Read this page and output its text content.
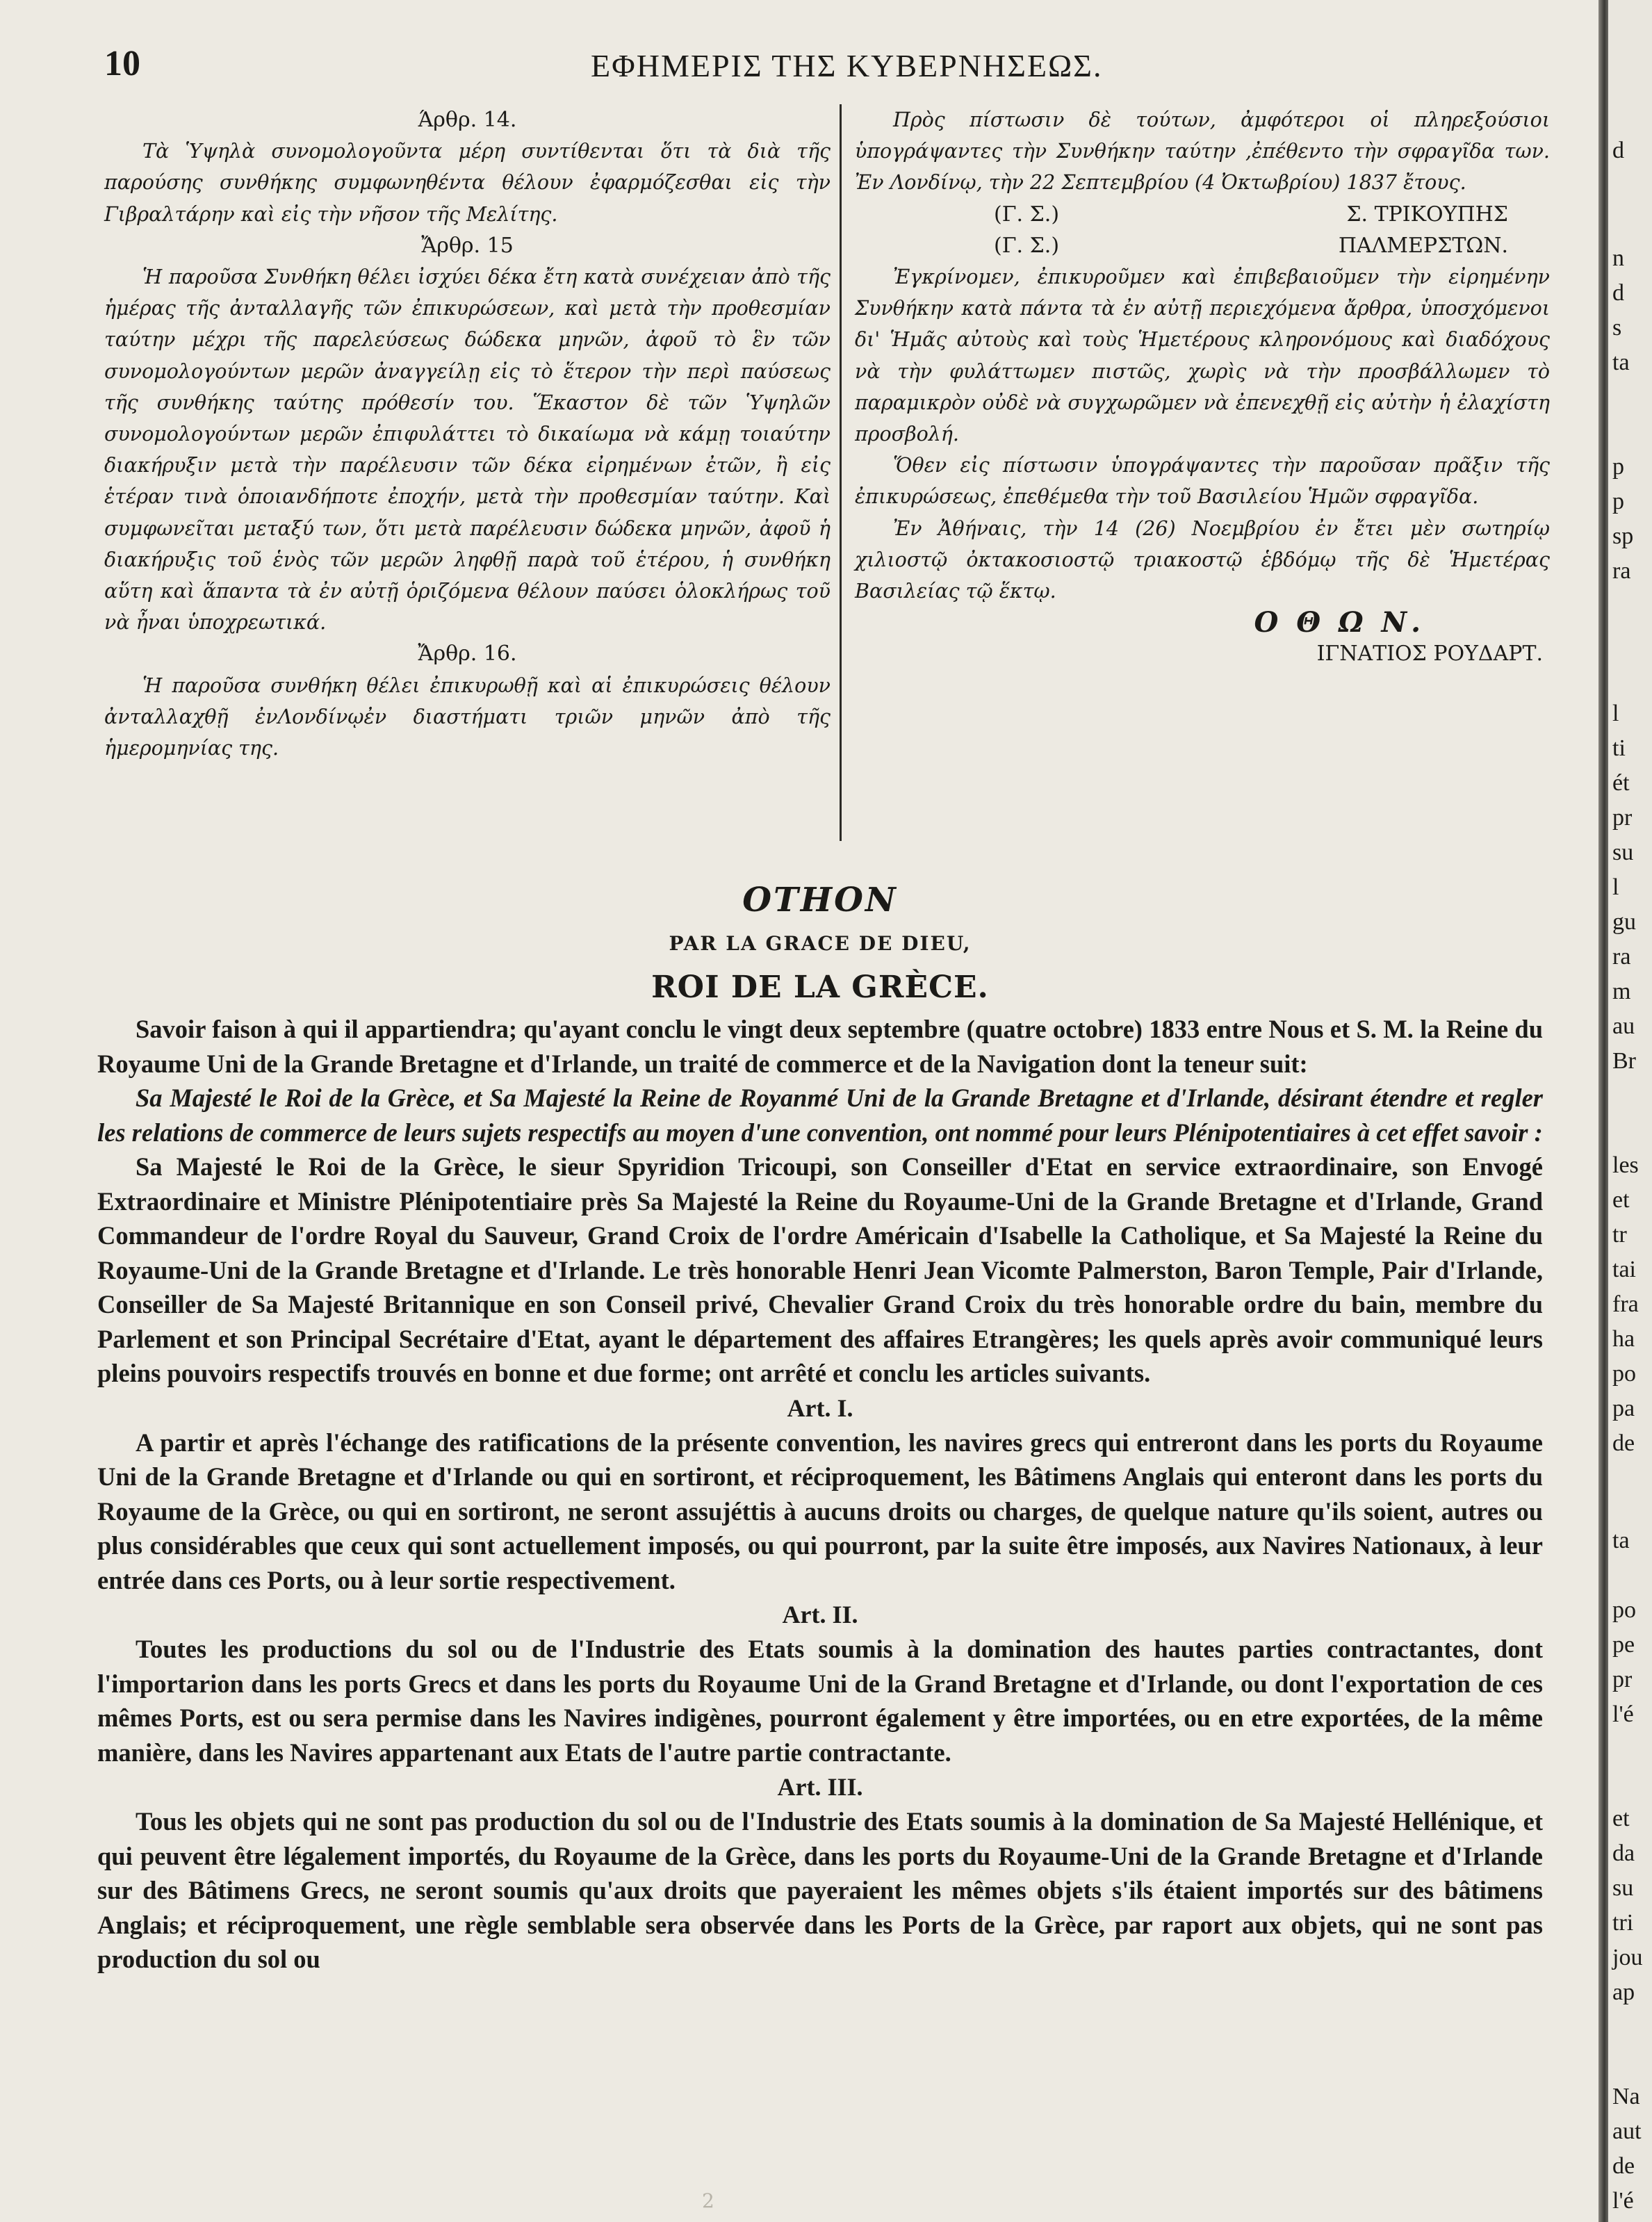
10	ΕΦΗΜΕΡΙΣ ΤΗΣ ΚΥΒΕΡΝΗΣΕΩΣ.
Άρθρ. 14.

Τὰ Ὑψηλὰ συνομολογοῦντα μέρη συντίθενται ὅτι τὰ διὰ τῆς παρούσης συνθήκης συμφωνηθέντα θέλουν ἐφαρμόζεσθαι εἰς τὴν Γιβραλτάρην καὶ εἰς τὴν νῆσον τῆς Μελίτης.

Ἄρθρ. 15

Ἡ παροῦσα Συνθήκη θέλει ἰσχύει δέκα ἔτη κατὰ συνέχειαν ἀπὸ τῆς ἡμέρας τῆς ἀνταλλαγῆς τῶν ἐπικυρώσεων, καὶ μετὰ τὴν προθεσμίαν ταύτην μέχρι τῆς παρελεύσεως δώδεκα μηνῶν, ἀφοῦ τὸ ἓν τῶν συνομολογούντων μερῶν ἀναγγείλῃ εἰς τὸ ἕτερον τὴν περὶ παύσεως τῆς συνθήκης ταύτης πρόθεσίν του. Ἕκαστον δὲ τῶν Ὑψηλῶν συνομολογούντων μερῶν ἐπιφυλάττει τὸ δικαίωμα νὰ κάμῃ τοιαύτην διακήρυξιν μετὰ τὴν παρέλευσιν τῶν δέκα εἰρημένων ἐτῶν, ἢ εἰς ἑτέραν τινὰ ὁποιανδήποτε ἐποχήν, μετὰ τὴν προθεσμίαν ταύτην. Καὶ συμφωνεῖται μεταξύ των, ὅτι μετὰ παρέλευσιν δώδεκα μηνῶν, ἀφοῦ ἡ διακήρυξις τοῦ ἑνὸς τῶν μερῶν ληφθῇ παρὰ τοῦ ἑτέρου, ἡ συνθήκη αὕτη καὶ ἅπαντα τὰ ἐν αὐτῇ ὁριζόμενα θέλουν παύσει ὁλοκλήρως τοῦ νὰ ἦναι ὑποχρεωτικά.

Ἄρθρ. 16.

Ἡ παροῦσα συνθήκη θέλει ἐπικυρωθῇ καὶ αἱ ἐπικυρώσεις θέλουν ἀνταλλαχθῇ ἐνΛονδίνῳἐν διαστήματι τριῶν μηνῶν ἀπὸ τῆς ἡμερομηνίας της.

Πρὸς πίστωσιν δὲ τούτων, ἀμφότεροι οἱ πληρεξούσιοι ὑπογράψαντες τὴν Συνθήκην ταύτην ,ἐπέθεντο τὴν σφραγῖδα των. Ἐν Λονδίνῳ, τὴν 22 Σεπτεμβρίου (4 Ὀκτωβρίου) 1837 ἔτους.

(Γ. Σ.)	Σ. ΤΡΙΚΟΥΠΗΣ
(Γ. Σ.)	ΠΑΛΜΕΡΣΤΩΝ.

Ἐγκρίνομεν, ἐπικυροῦμεν καὶ ἐπιβεβαιοῦμεν τὴν εἰρημένην Συνθήκην κατὰ πάντα τὰ ἐν αὐτῇ περιεχόμενα ἄρθρα, ὑποσχόμενοι δι' Ἡμᾶς αὐτοὺς καὶ τοὺς Ἡμετέρους κληρονόμους καὶ διαδόχους νὰ τὴν φυλάττωμεν πιστῶς, χωρὶς νὰ τὴν προσβάλλωμεν τὸ παραμικρὸν οὐδὲ νὰ συγχωρῶμεν νὰ ἐπενεχθῇ εἰς αὐτὴν ἡ ἐλαχίστη προσβολή.

Ὅθεν εἰς πίστωσιν ὑπογράψαντες τὴν παροῦσαν πρᾶξιν τῆς ἐπικυρώσεως, ἐπεθέμεθα τὴν τοῦ Βασιλείου Ἡμῶν σφραγῖδα.

Ἐν Ἀθήναις, τὴν 14 (26) Νοεμβρίου ἐν ἔτει μὲν σωτηρίῳ χιλιοστῷ ὀκτακοσιοστῷ τριακοστῷ ἑβδόμῳ τῆς δὲ Ἡμετέρας Βασιλείας τῷ ἕκτῳ.

Ο Θ Ω Ν.
ΙΓΝΑΤΙΟΣ ΡΟΥΔΑΡΤ.

OTHON

PAR LA GRACE DE DIEU,

ROI DE LA GRÈCE.

Savoir faison à qui il appartiendra; qu'ayant conclu le vingt deux septembre (quatre octobre) 1833 entre Nous et S. M. la Reine du Royaume Uni de la Grande Bretagne et d'Irlande, un traité de commerce et de la Navigation dont la teneur suit:

Sa Majesté le Roi de la Grèce, et Sa Majesté la Reine de Royanmé Uni de la Grande Bretagne et d'Irlande, désirant étendre et regler les relations de commerce de leurs sujets respectifs au moyen d'une convention, ont nommé pour leurs Plénipotentiaires à cet effet savoir :

Sa Majesté le Roi de la Grèce, le sieur Spyridion Tricoupi, son Conseiller d'Etat en service extraordinaire, son Envogé Extraordinaire et Ministre Plénipotentiaire près Sa Majesté la Reine du Royaume-Uni de la Grande Bretagne et d'Irlande, Grand Commandeur de l'ordre Royal du Sauveur, Grand Croix de l'ordre Américain d'Isabelle la Catholique, et Sa Majesté la Reine du Royaume-Uni de la Grande Bretagne et d'Irlande. Le très honorable Henri Jean Vicomte Palmerston, Baron Temple, Pair d'Irlande, Conseiller de Sa Majesté Britannique en son Conseil privé, Chevalier Grand Croix du très honorable ordre du bain, membre du Parlement et son Principal Secrétaire d'Etat, ayant le département des affaires Etrangères; les quels après avoir communiqué leurs pleins pouvoirs respectifs trouvés en bonne et due forme; ont arrêté et conclu les articles suivants.

Art. I.

A partir et après l'échange des ratifications de la présente convention, les navires grecs qui entreront dans les ports du Royaume Uni de la Grande Bretagne et d'Irlande ou qui en sortiront, et réciproquement, les Bâtimens Anglais qui enteront dans les ports du Royaume de la Grèce, ou qui en sortiront, ne seront assujéttis à aucuns droits ou charges, de quelque nature qu'ils soient, autres ou plus considérables que ceux qui sont actuellement imposés, ou qui pourront, par la suite être imposés, aux Navires Nationaux, à leur entrée dans ces Ports, ou à leur sortie respectivement.

Art. II.

Toutes les productions du sol ou de l'Industrie des Etats soumis à la domination des hautes parties contractantes, dont l'importarion dans les ports Grecs et dans les ports du Royaume Uni de la Grand Bretagne et d'Irlande, ou dont l'exportation de ces mêmes Ports, est ou sera permise dans les Navires indigènes, pourront également y être importées, ou en etre exportées, de la même manière, dans les Navires appartenant aux Etats de l'autre partie contractante.

Art. III.

Tous les objets qui ne sont pas production du sol ou de l'Industrie des Etats soumis à la domination de Sa Majesté Hellénique, et qui peuvent être légalement importés, du Royaume de la Grèce, dans les ports du Royaume-Uni de la Grande Bretagne et d'Irlande sur des Bâtimens Grecs, ne seront soumis qu'aux droits que payeraient les mêmes objets s'ils étaient importés sur des bâtimens Anglais; et réciproquement, une règle semblable sera observée dans les Ports de la Grèce, par raport aux objets, qui ne sont pas production du sol ou

2
d
n
d
s
ta
p
p
sp
ra
l
ti
ét
pr
su
l
gu
ra
m
au
Br
les
et
tr
tai
fra
ha
po
pa
de
ta
po
pe
pr
l'é
et
da
su
tri
jou
ap
Na
aut
de
l'é
